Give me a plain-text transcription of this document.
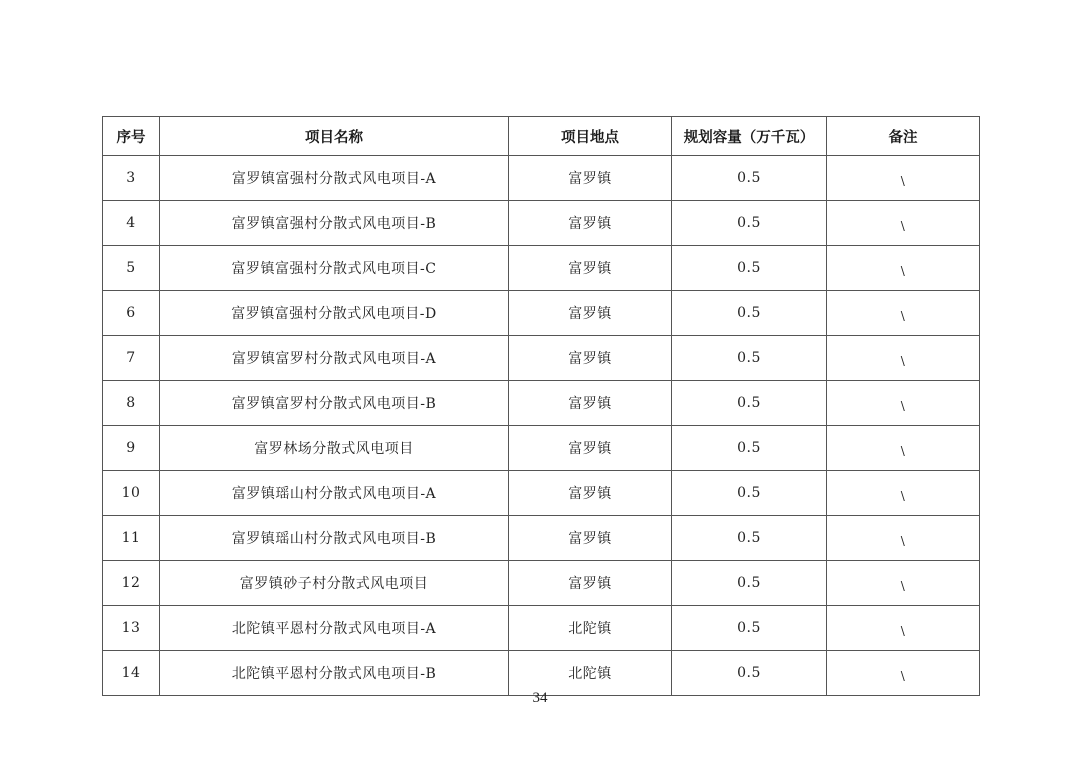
序号	项目名称	项目地点	规划容量（万千瓦）	备注
3	富罗镇富强村分散式风电项目-A	富罗镇	0.5	\
4	富罗镇富强村分散式风电项目-B	富罗镇	0.5	\
5	富罗镇富强村分散式风电项目-C	富罗镇	0.5	\
6	富罗镇富强村分散式风电项目-D	富罗镇	0.5	\
7	富罗镇富罗村分散式风电项目-A	富罗镇	0.5	\
8	富罗镇富罗村分散式风电项目-B	富罗镇	0.5	\
9	富罗林场分散式风电项目	富罗镇	0.5	\
10	富罗镇瑶山村分散式风电项目-A	富罗镇	0.5	\
11	富罗镇瑶山村分散式风电项目-B	富罗镇	0.5	\
12	富罗镇砂子村分散式风电项目	富罗镇	0.5	\
13	北陀镇平恩村分散式风电项目-A	北陀镇	0.5	\
14	北陀镇平恩村分散式风电项目-B	北陀镇	0.5	\
34
